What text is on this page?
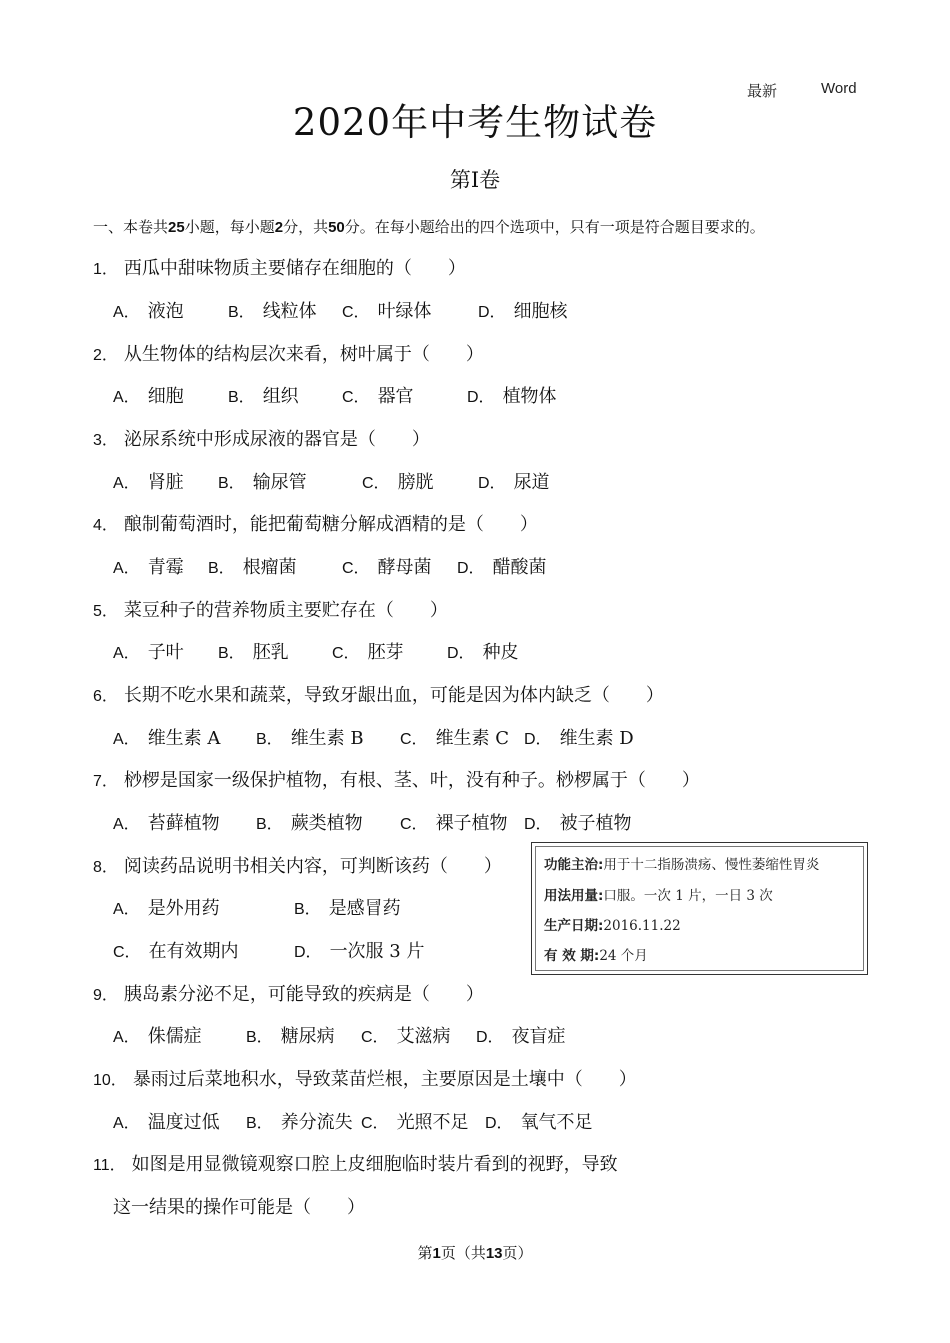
最新	Word
2020年中考生物试卷
第Ⅰ卷
一、本卷共25小题，每小题2分，共50分。在每小题给出的四个选项中，只有一项是符合题目要求的。
1． 西瓜中甜味物质主要储存在细胞的（　　）
A． 液泡	B． 线粒体 C． 叶绿体	D． 细胞核
2． 从生物体的结构层次来看，树叶属于（　　）
A． 细胞	B． 组织	C． 器官	D． 植物体
3． 泌尿系统中形成尿液的器官是（　　）
A． 肾脏 B． 输尿管	C． 膀胱	D． 尿道
4． 酿制葡萄酒时，能把葡萄糖分解成酒精的是（　　）
A． 青霉 B． 根瘤菌	C． 酵母菌 D． 醋酸菌
5． 菜豆种子的营养物质主要贮存在（　　）
A． 子叶 B． 胚乳	C． 胚芽	D． 种皮
6． 长期不吃水果和蔬菜，导致牙龈出血，可能是因为体内缺乏（　　）
A． 维生素 A B． 维生素 B C． 维生素 C D． 维生素 D
7． 桫椤是国家一级保护植物，有根、茎、叶，没有种子。桫椤属于（　　）
A． 苔藓植物 B． 蕨类植物 C． 裸子植物 D． 被子植物
8． 阅读药品说明书相关内容，可判断该药（　　）
A． 是外用药	B． 是感冒药
C． 在有效期内	D． 一次服 3 片
功能主治:用于十二指肠溃疡、慢性萎缩性胃炎
用法用量:口服。一次 1 片，一日 3 次
生产日期:2016.11.22
有 效 期:24 个月
9． 胰岛素分泌不足，可能导致的疾病是（　　）
A． 侏儒症	B． 糖尿病 C． 艾滋病 D． 夜盲症
10． 暴雨过后菜地积水，导致菜苗烂根，主要原因是土壤中（　　）
A． 温度过低 B． 养分流失 C． 光照不足 D． 氧气不足
11． 如图是用显微镜观察口腔上皮细胞临时装片看到的视野，导致
这一结果的操作可能是（　　）
第1页（共13页）
